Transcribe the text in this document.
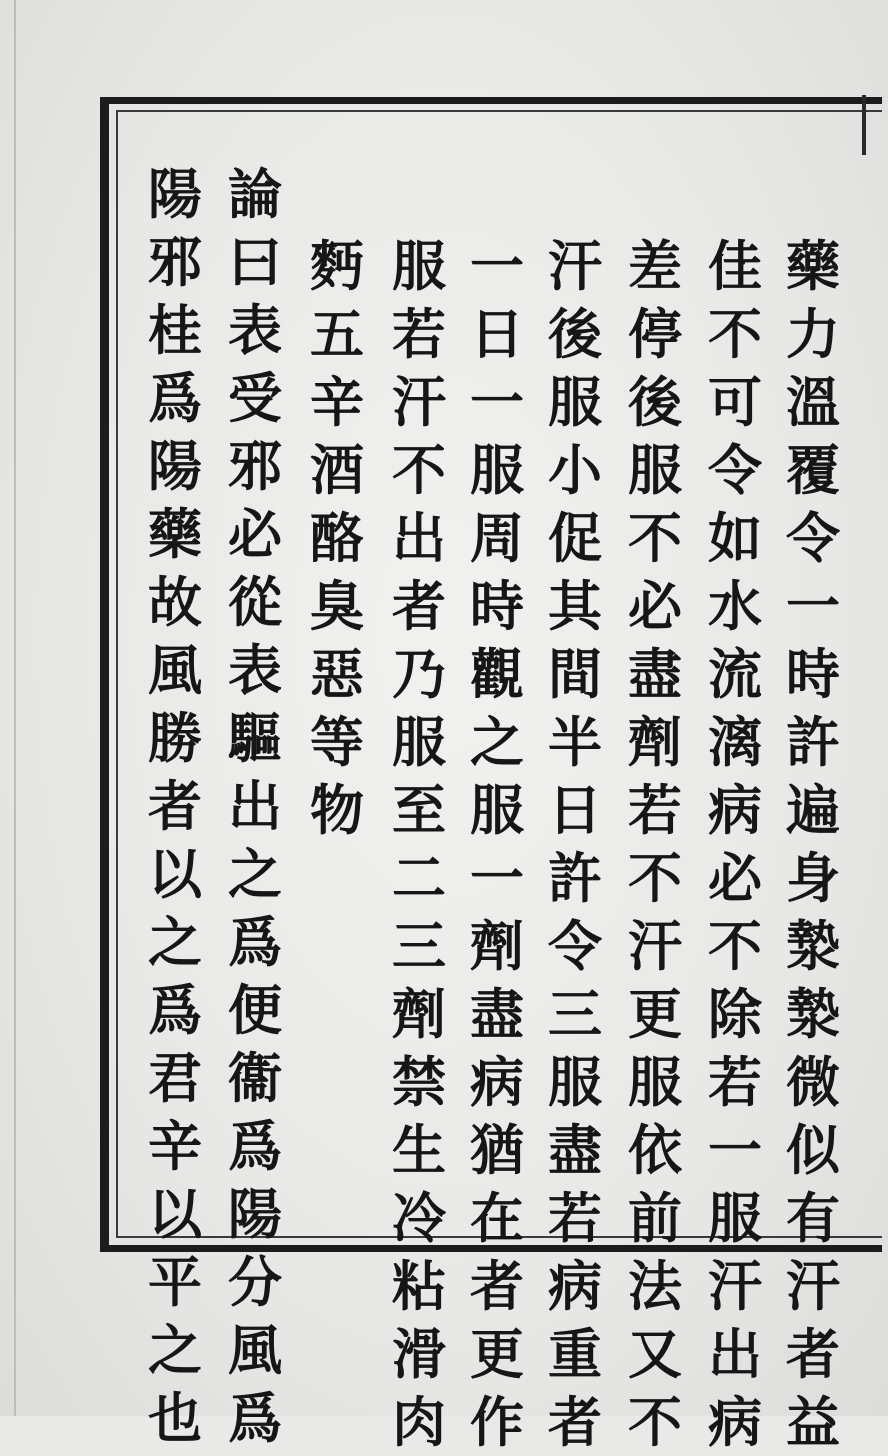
藥
力
溫
覆
令
一
時
許
遍
身
漐
漐
微
似
有
汗
者
益
佳
不
可
令
如
水
流
漓
病
必
不
除
若
一
服
汗
出
病
差
停
後
服
不
必
盡
劑
若
不
汗
更
服
依
前
法
又
不
汗
後
服
小
促
其
間
半
日
許
令
三
服
盡
若
病
重
者
一
日
一
服
周
時
觀
之
服
一
劑
盡
病
猶
在
者
更
作
服
若
汗
不
出
者
乃
服
至
二
三
劑
禁
生
冷
粘
滑
肉
麪
五
辛
酒
酪
臭
惡
等
物
論
曰
表
受
邪
必
從
表
驅
出
之
爲
便
衞
爲
陽
分
風
爲
陽
邪
桂
爲
陽
藥
故
風
勝
者
以
之
爲
君
辛
以
平
之
也
